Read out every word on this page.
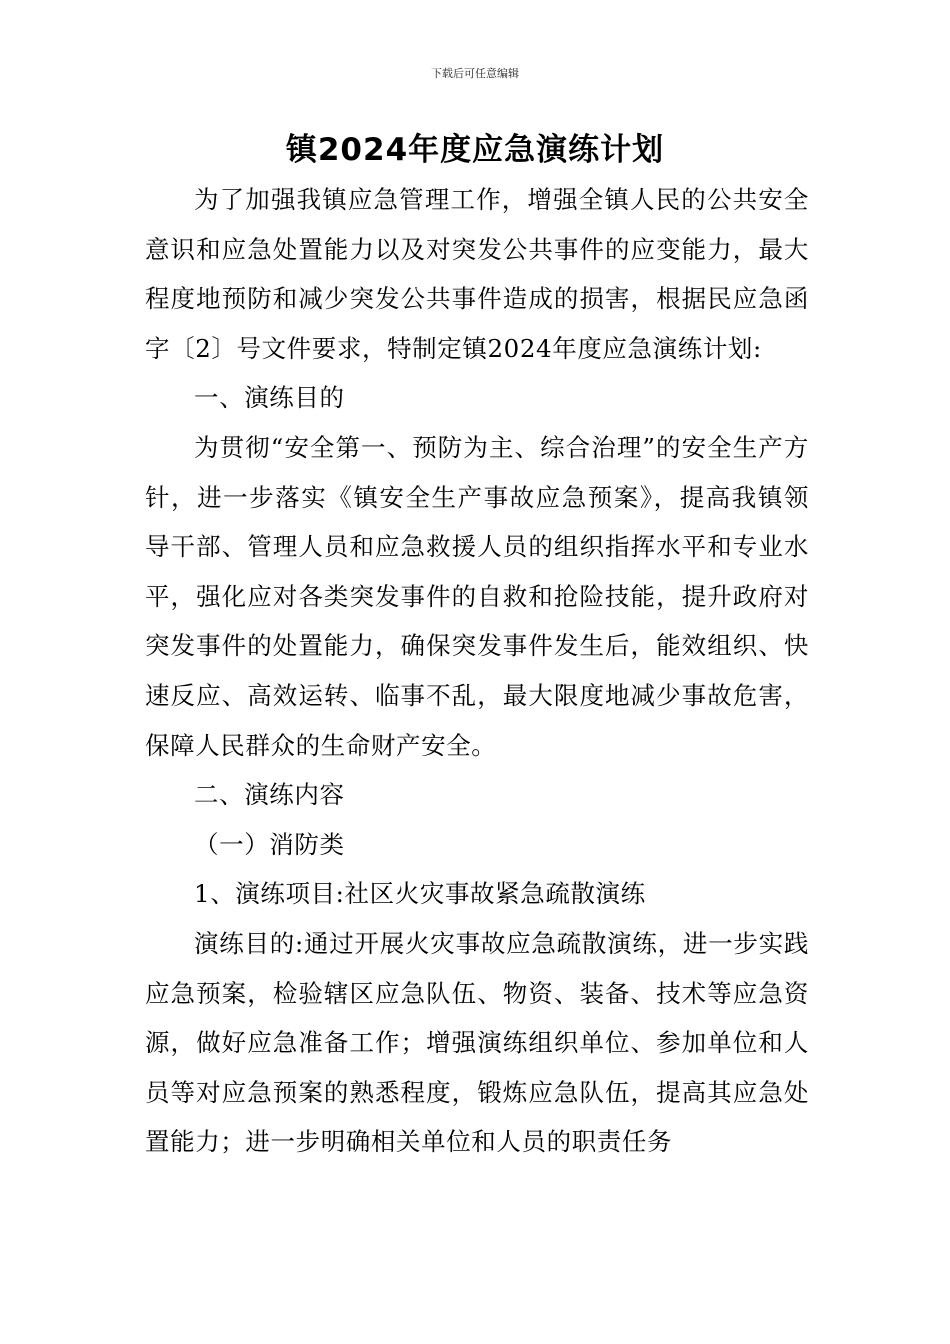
下载后可任意编辑
镇2024年度应急演练计划

为了加强我镇应急管理工作，增强全镇人民的公共安全意识和应急处置能力以及对突发公共事件的应变能力，最大程度地预防和减少突发公共事件造成的损害，根据民应急函字〔2〕号文件要求，特制定镇2024年度应急演练计划:

一、演练目的

为贯彻“安全第一、预防为主、综合治理”的安全生产方针，进一步落实《镇安全生产事故应急预案》，提高我镇领导干部、管理人员和应急救援人员的组织指挥水平和专业水平，强化应对各类突发事件的自救和抢险技能，提升政府对突发事件的处置能力，确保突发事件发生后，能效组织、快速反应、高效运转、临事不乱，最大限度地减少事故危害，保障人民群众的生命财产安全。

二、演练内容

（一）消防类

1、演练项目:社区火灾事故紧急疏散演练

演练目的:通过开展火灾事故应急疏散演练，进一步实践应急预案，检验辖区应急队伍、物资、装备、技术等应急资源，做好应急准备工作；增强演练组织单位、参加单位和人员等对应急预案的熟悉程度，锻炼应急队伍，提高其应急处置能力；进一步明确相关单位和人员的职责任务
